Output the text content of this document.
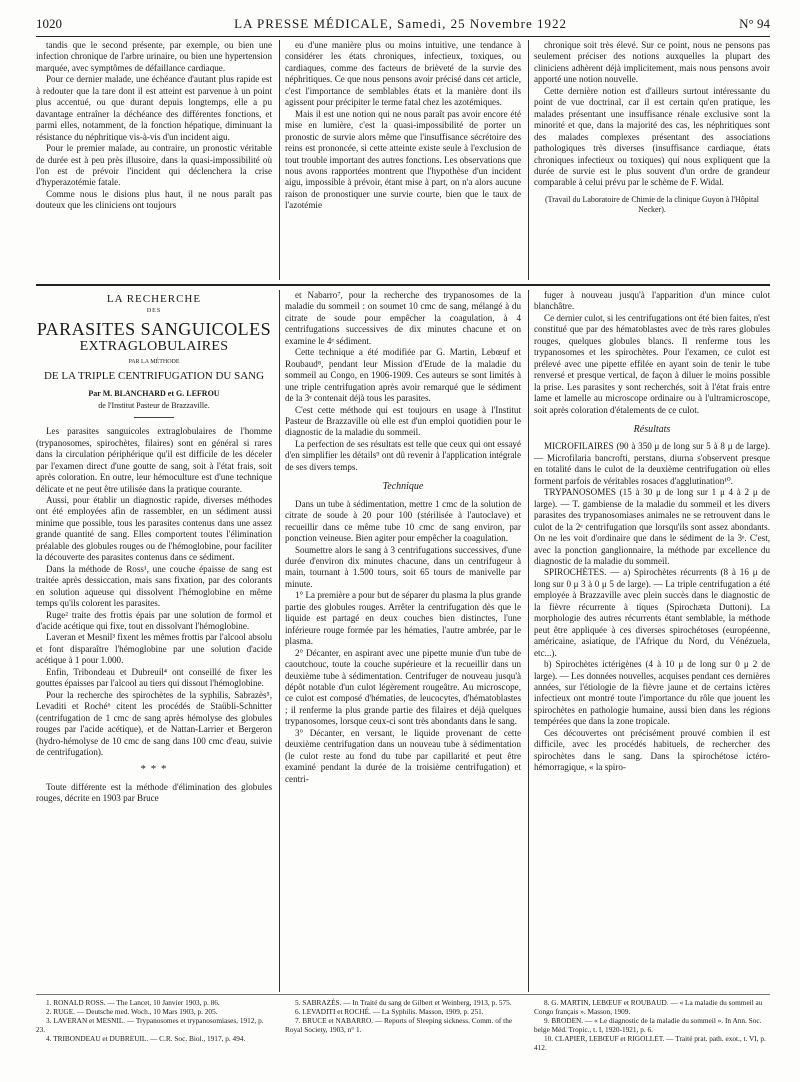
1020	LA PRESSE MÉDICALE, Samedi, 25 Novembre 1922	N° 94

tandis que le second présente, par exemple, ou bien une infection chronique de l'arbre urinaire, ou bien une hypertension marquée, avec symptômes de défaillance cardiaque.

Pour ce dernier malade, une échéance d'autant plus rapide est à redouter que la tare dont il est atteint est parvenue à un point plus accentué, ou que durant depuis longtemps, elle a pu davantage entraîner la déchéance des différentes fonctions, et parmi elles, notamment, de la fonction hépatique, diminuant la résistance du néphritique vis-à-vis d'un incident aigu.

Pour le premier malade, au contraire, un pronostic véritable de durée est à peu près illusoire, dans la quasi-impossibilité où l'on est de prévoir l'incident qui déclenchera la crise d'hyperazotémie fatale.

Comme nous le disions plus haut, il ne nous paraît pas douteux que les cliniciens ont toujours

eu d'une manière plus ou moins intuitive, une tendance à considérer les états chroniques, infectieux, toxiques, ou cardiaques, comme des facteurs de brièveté de la survie des néphritiques. Ce que nous pensons avoir précisé dans cet article, c'est l'importance de semblables états et la manière dont ils agissent pour précipiter le terme fatal chez les azotémiques.

Mais il est une notion qui ne nous paraît pas avoir encore été mise en lumière, c'est la quasi-impossibilité de porter un pronostic de survie alors même que l'insuffisance sécrétoire des reins est prononcée, si cette atteinte existe seule à l'exclusion de tout trouble important des autres fonctions. Les observations que nous avons rapportées montrent que l'hypothèse d'un incident aigu, impossible à prévoir, étant mise à part, on n'a alors aucune raison de pronostiquer une survie courte, bien que le taux de l'azotémie

chronique soit très élevé. Sur ce point, nous ne pensons pas seulement préciser des notions auxquelles la plupart des cliniciens adhèrent déjà implicitement, mais nous pensons avoir apporté une notion nouvelle.

Cette dernière notion est d'ailleurs surtout intéressante du point de vue doctrinal, car il est certain qu'en pratique, les malades présentant une insuffisance rénale exclusive sont la minorité et que, dans la majorité des cas, les néphritiques sont des malades complexes présentant des associations pathologiques très diverses (insuffisance cardiaque, états chroniques infectieux ou toxiques) qui nous expliquent que la durée de survie est le plus souvent d'un ordre de grandeur comparable à celui prévu par le schème de F. Widal.

(Travail du Laboratoire de Chimie de la clinique Guyon à l'Hôpital Necker).

LA RECHERCHE
DES
PARASITES SANGUICOLES
EXTRAGLOBULAIRES
PAR LA MÉTHODE
DE LA TRIPLE CENTRIFUGATION DU SANG
Par M. BLANCHARD et G. LEFROU
de l'Institut Pasteur de Brazzaville.

Les parasites sanguicoles extraglobulaires de l'homme (trypanosomes, spirochètes, filaires) sont en général si rares dans la circulation périphérique qu'il est difficile de les déceler par l'examen direct d'une goutte de sang, soit à l'état frais, soit après coloration. En outre, leur hémoculture est d'une technique délicate et ne peut être utilisée dans la pratique courante.

Aussi, pour établir un diagnostic rapide, diverses méthodes ont été employées afin de rassembler, en un sédiment aussi minime que possible, tous les parasites contenus dans une assez grande quantité de sang. Elles comportent toutes l'élimination préalable des globules rouges ou de l'hémoglobine, pour faciliter la découverte des parasites contenus dans ce sédiment.

Dans la méthode de Ross¹, une couche épaisse de sang est traitée après dessiccation, mais sans fixation, par des colorants en solution aqueuse qui dissolvent l'hémoglobine en même temps qu'ils colorent les parasites.

Ruge² traite des frottis épais par une solution de formol et d'acide acétique qui fixe, tout en dissolvant l'hémoglobine.

Laveran et Mesnil³ fixent les mêmes frottis par l'alcool absolu et font disparaître l'hémoglobine par une solution d'acide acétique à 1 pour 1.000.

Enfin, Tribondeau et Dubreuil⁴ ont conseillé de fixer les gouttes épaisses par l'alcool au tiers qui dissout l'hémoglobine.

Pour la recherche des spirochètes de la syphilis, Sabrazès⁵, Levaditi et Roché⁶ citent les procédés de Staübli-Schnitter (centrifugation de 1 cmc de sang après hémolyse des globules rouges par l'acide acétique), et de Nattan-Larrier et Bergeron (hydro-hémolyse de 10 cmc de sang dans 100 cmc d'eau, suivie de centrifugation).

* * *

Toute différente est la méthode d'élimination des globules rouges, décrite en 1903 par Bruce

et Nabarro⁷, pour la recherche des trypanosomes de la maladie du sommeil : on soumet 10 cmc de sang, mélangé à du citrate de soude pour empêcher la coagulation, à 4 centrifugations successives de dix minutes chacune et on examine le 4ᵉ sédiment.

Cette technique a été modifiée par G. Martin, Lebœuf et Roubaud⁸, pendant leur Mission d'Etude de la maladie du sommeil au Congo, en 1906-1909. Ces auteurs se sont limités à une triple centrifugation après avoir remarqué que le sédiment de la 3ᵉ contenait déjà tous les parasites.

C'est cette méthode qui est toujours en usage à l'Institut Pasteur de Brazzaville où elle est d'un emploi quotidien pour le diagnostic de la maladie du sommeil.

La perfection de ses résultats est telle que ceux qui ont essayé d'en simplifier les détails⁹ ont dû revenir à l'application intégrale de ses divers temps.

Technique

Dans un tube à sédimentation, mettre 1 cmc de la solution de citrate de soude à 20 pour 100 (stérilisée à l'autoclave) et recueillir dans ce même tube 10 cmc de sang environ, par ponction veineuse. Bien agiter pour empêcher la coagulation.

Soumettre alors le sang à 3 centrifugations successives, d'une durée d'environ dix minutes chacune, dans un centrifugeur à main, tournant à 1.500 tours, soit 65 tours de manivelle par minute.

1° La première a pour but de séparer du plasma la plus grande partie des globules rouges. Arrêter la centrifugation dès que le liquide est partagé en deux couches bien distinctes, l'une inférieure rouge formée par les hématies, l'autre ambrée, par le plasma.

2° Décanter, en aspirant avec une pipette munie d'un tube de caoutchouc, toute la couche supérieure et la recueillir dans un deuxième tube à sédimentation. Centrifuger de nouveau jusqu'à dépôt notable d'un culot légèrement rougeâtre. Au microscope, ce culot est composé d'hématies, de leucocytes, d'hématoblastes ; il renferme la plus grande partie des filaires et déjà quelques trypanosomes, lorsque ceux-ci sont très abondants dans le sang.

3° Décanter, en versant, le liquide provenant de cette deuxième centrifugation dans un nouveau tube à sédimentation (le culot reste au fond du tube par capillarité et peut être examiné pendant la durée de la troisième centrifugation) et centri-

fuger à nouveau jusqu'à l'apparition d'un mince culot blanchâtre.

Ce dernier culot, si les centrifugations ont été bien faites, n'est constitué que par des hématoblastes avec de très rares globules rouges, quelques globules blancs. Il renferme tous les trypanosomes et les spirochètes. Pour l'examen, ce culot est prélevé avec une pipette effilée en ayant soin de tenir le tube renversé et presque vertical, de façon à diluer le moins possible la prise. Les parasites y sont recherchés, soit à l'état frais entre lame et lamelle au microscope ordinaire ou à l'ultramicroscope, soit après coloration d'étalements de ce culot.

Résultats

MICROFILAIRES (90 à 350 μ de long sur 5 à 8 μ de large). — Microfilaria bancrofti, perstans, diurna s'observent presque en totalité dans le culot de la deuxième centrifugation où elles forment parfois de véritables rosaces d'agglutination¹⁰.

TRYPANOSOMES (15 à 30 μ de long sur 1 μ 4 à 2 μ de large). — T. gambiense de la maladie du sommeil et les divers parasites des trypanosomiases animales ne se retrouvent dans le culot de la 2ᵉ centrifugation que lorsqu'ils sont assez abondants. On ne les voit d'ordinaire que dans le sédiment de la 3ᵉ. C'est, avec la ponction ganglionnaire, la méthode par excellence du diagnostic de la maladie du sommeil.

SPIROCHÈTES. — a) Spirochètes récurrents (8 à 16 μ de long sur 0 μ 3 à 0 μ 5 de large). — La triple centrifugation a été employée à Brazzaville avec plein succès dans le diagnostic de la fièvre récurrente à tiques (Spirochæta Duttoni). La morphologie des autres récurrents étant semblable, la méthode peut être appliquée à ces diverses spirochétoses (européenne, américaine, asiatique, de l'Afrique du Nord, du Vénézuela, etc...).

b) Spirochètes ictérigènes (4 à 10 μ de long sur 0 μ 2 de large). — Les données nouvelles, acquises pendant ces dernières années, sur l'étiologie de la fièvre jaune et de certains ictères infectieux ont montré toute l'importance du rôle que jouent les spirochètes en pathologie humaine, aussi bien dans les régions tempérées que dans la zone tropicale.

Ces découvertes ont précisément prouvé combien il est difficile, avec les procédés habituels, de rechercher des spirochètes dans le sang. Dans la spirochétose ictéro-hémorragique, « la spiro-

1. RONALD ROSS. — The Lancet, 10 Janvier 1903, p. 86.

2. RUGE. — Deutsche med. Woch., 10 Mars 1903, p. 205.

3. LAVERAN et MESNIL. — Trypanosomes et trypanosomiases, 1912, p. 23.

4. TRIBONDEAU et DUBREUIL. — C.R. Soc. Biol., 1917, p. 494.

5. SABRAZÈS. — In Traité du sang de Gilbert et Weinberg, 1913, p. 575.

6. LEVADITI et ROCHÉ. — La Syphilis. Masson, 1909, p. 251.

7. BRUCE et NABARRO. — Reports of Sleeping sickness. Comm. of the Royal Society, 1903, n° 1.

8. G. MARTIN, LEBŒUF et ROUBAUD. — « La maladie du sommeil au Congo français ». Masson, 1909.

9. BRODEN. — « Le diagnostic de la maladie du sommeil ». In Ann. Soc. belge Méd. Tropic., t. I, 1920-1921, p. 6.

10. CLAPIER, LEBŒUF et RIGOLLET. — Traité prat. path. exot., t. VI, p. 412.
